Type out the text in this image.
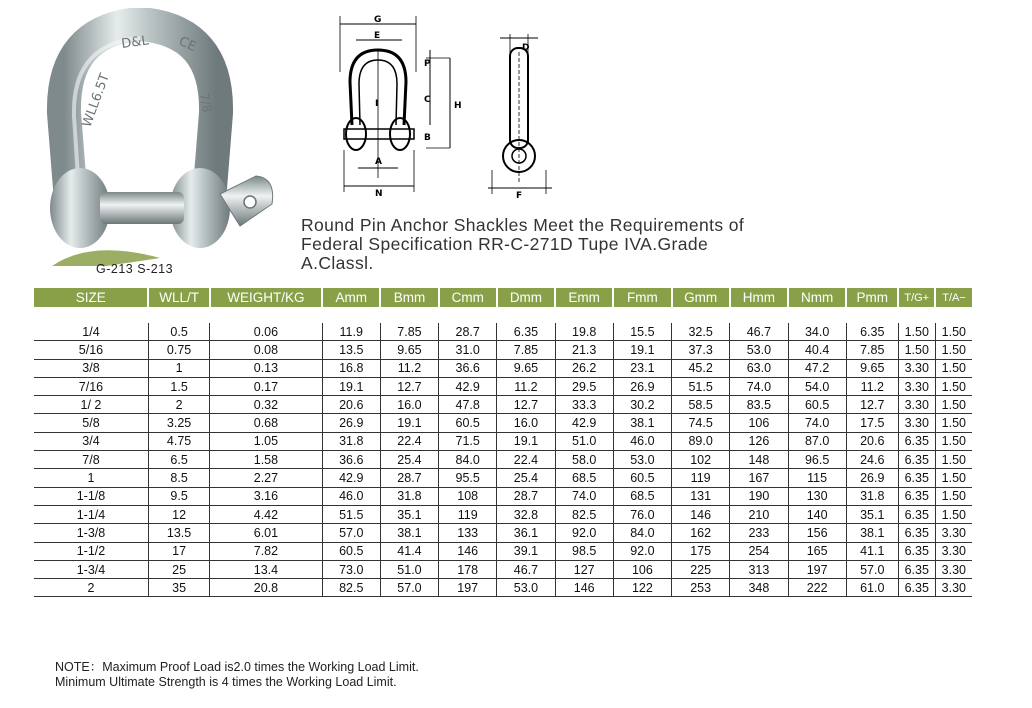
WLL6.5T
D&L CE
7/8
G-213 S-213
G
E
P
C
H
I
B
A
N
D
F
Round Pin Anchor Shackles Meet the Requirements of
Federal Specification RR-C-271D Tupe IVA.Grade
A.Classl.
SIZE	WLL/T	WEIGHT/KG	Amm	Bmm	Cmm	Dmm	Emm	Fmm	Gmm	Hmm	Nmm	Pmm	T/G+	T/A−

1/4	0.5	0.06	11.9	7.85	28.7	6.35	19.8	15.5	32.5	46.7	34.0	6.35	1.50	1.50
5/16	0.75	0.08	13.5	9.65	31.0	7.85	21.3	19.1	37.3	53.0	40.4	7.85	1.50	1.50
3/8	1	0.13	16.8	11.2	36.6	9.65	26.2	23.1	45.2	63.0	47.2	9.65	3.30	1.50
7/16	1.5	0.17	19.1	12.7	42.9	11.2	29.5	26.9	51.5	74.0	54.0	11.2	3.30	1.50
1/ 2	2	0.32	20.6	16.0	47.8	12.7	33.3	30.2	58.5	83.5	60.5	12.7	3.30	1.50
5/8	3.25	0.68	26.9	19.1	60.5	16.0	42.9	38.1	74.5	106	74.0	17.5	3.30	1.50
3/4	4.75	1.05	31.8	22.4	71.5	19.1	51.0	46.0	89.0	126	87.0	20.6	6.35	1.50
7/8	6.5	1.58	36.6	25.4	84.0	22.4	58.0	53.0	102	148	96.5	24.6	6.35	1.50
1	8.5	2.27	42.9	28.7	95.5	25.4	68.5	60.5	119	167	115	26.9	6.35	1.50
1-1/8	9.5	3.16	46.0	31.8	108	28.7	74.0	68.5	131	190	130	31.8	6.35	1.50
1-1/4	12	4.42	51.5	35.1	119	32.8	82.5	76.0	146	210	140	35.1	6.35	1.50
1-3/8	13.5	6.01	57.0	38.1	133	36.1	92.0	84.0	162	233	156	38.1	6.35	3.30
1-1/2	17	7.82	60.5	41.4	146	39.1	98.5	92.0	175	254	165	41.1	6.35	3.30
1-3/4	25	13.4	73.0	51.0	178	46.7	127	106	225	313	197	57.0	6.35	3.30
2	35	20.8	82.5	57.0	197	53.0	146	122	253	348	222	61.0	6.35	3.30
NOTE：Maximum Proof Load is2.0 times the Working Load Limit.
Minimum Ultimate Strength is 4 times the Working Load Limit.
